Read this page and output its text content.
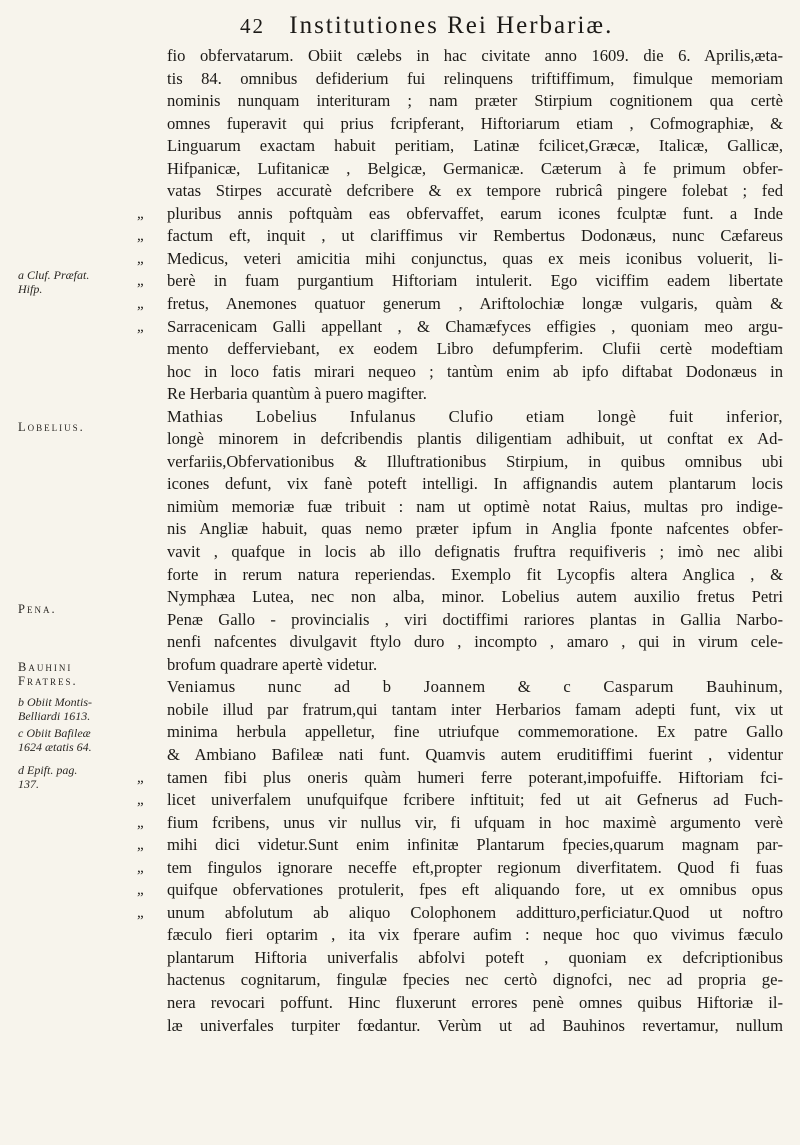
42 Institutiones Rei Herbariæ.
a Cluf. Præfat.
Hifp.
Lobelius.
Pena.
Bauhini
Fratres.
b Obiit Montis-
Belliardi 1613.
c Obiit Bafileæ
1624 ætatis 64.
d Epift. pag.
137.
fio obfervatarum. Obiit cælebs in hac civitate anno 1609. die 6. Aprilis,æta-
tis 84. omnibus defiderium fui relinquens triftiffimum, fimulque memoriam
nominis nunquam interituram ; nam præter Stirpium cognitionem qua certè
omnes fuperavit qui prius fcripferant, Hiftoriarum etiam , Cofmographiæ, &
Linguarum exactam habuit peritiam, Latinæ fcilicet,Græcæ, Italicæ, Gallicæ,
Hifpanicæ, Lufitanicæ , Belgicæ, Germanicæ. Cæterum à fe primum obfer-
vatas Stirpes accuratè defcribere & ex tempore rubricâ pingere folebat ; fed
„ pluribus annis poftquàm eas obfervaffet, earum icones fculptæ funt. a Inde
„ factum eft, inquit , ut clariffimus vir Rembertus Dodonæus, nunc Cæfareus
„ Medicus, veteri amicitia mihi conjunctus, quas ex meis iconibus voluerit, li-
„ berè in fuam purgantium Hiftoriam intulerit. Ego viciffim eadem libertate
„ fretus, Anemones quatuor generum , Ariftolochiæ longæ vulgaris, quàm &
„ Sarracenicam Galli appellant , & Chamæfyces effigies , quoniam meo argu-
mento defferviebant, ex eodem Libro defumpferim. Clufii certè modeftiam
hoc in loco fatis mirari nequeo ; tantùm enim ab ipfo diftabat Dodonæus in
Re Herbaria quantùm à puero magifter.
Mathias Lobelius Infulanus Clufio etiam longè fuit inferior,
longè minorem in defcribendis plantis diligentiam adhibuit, ut conftat ex Ad-
verfariis,Obfervationibus & Illuftrationibus Stirpium, in quibus omnibus ubi
icones defunt, vix fanè poteft intelligi. In affignandis autem plantarum locis
nimiùm memoriæ fuæ tribuit : nam ut optimè notat Raius, multas pro indige-
nis Angliæ habuit, quas nemo præter ipfum in Anglia fponte nafcentes obfer-
vavit , quafque in locis ab illo defignatis fruftra requifiveris ; imò nec alibi
forte in rerum natura reperiendas. Exemplo fit Lycopfis altera Anglica , &
Nymphæa Lutea, nec non alba, minor. Lobelius autem auxilio fretus Petri
Penæ Gallo - provincialis , viri doctiffimi rariores plantas in Gallia Narbo-
nenfi nafcentes divulgavit ftylo duro , incompto , amaro , qui in virum cele-
brofum quadrare apertè videtur.
Veniamus nunc ad b Joannem & c Casparum Bauhinum,
nobile illud par fratrum,qui tantam inter Herbarios famam adepti funt, vix ut
minima herbula appelletur, fine utriufque commemoratione. Ex patre Gallo
& Ambiano Bafileæ nati funt. Quamvis autem eruditiffimi fuerint , videntur
„ tamen fibi plus oneris quàm humeri ferre poterant,impofuiffe. Hiftoriam fci-
„ licet univerfalem unufquifque fcribere inftituit; fed ut ait Gefnerus ad Fuch-
„ fium fcribens, unus vir nullus vir, fi ufquam in hoc maximè argumento verè
„ mihi dici videtur.Sunt enim infinitæ Plantarum fpecies,quarum magnam par-
„ tem fingulos ignorare neceffe eft,propter regionum diverfitatem. Quod fi fuas
„ quifque obfervationes protulerit, fpes eft aliquando fore, ut ex omnibus opus
„ unum abfolutum ab aliquo Colophonem additturo,perficiatur.Quod ut noftro
fæculo fieri optarim , ita vix fperare aufim : neque hoc quo vivimus fæculo
plantarum Hiftoria univerfalis abfolvi poteft , quoniam ex defcriptionibus
hactenus cognitarum, fingulæ fpecies nec certò dignofci, nec ad propria ge-
nera revocari poffunt. Hinc fluxerunt errores penè omnes quibus Hiftoriæ il-
læ univerfales turpiter fœdantur. Verùm ut ad Bauhinos revertamur, nullum
